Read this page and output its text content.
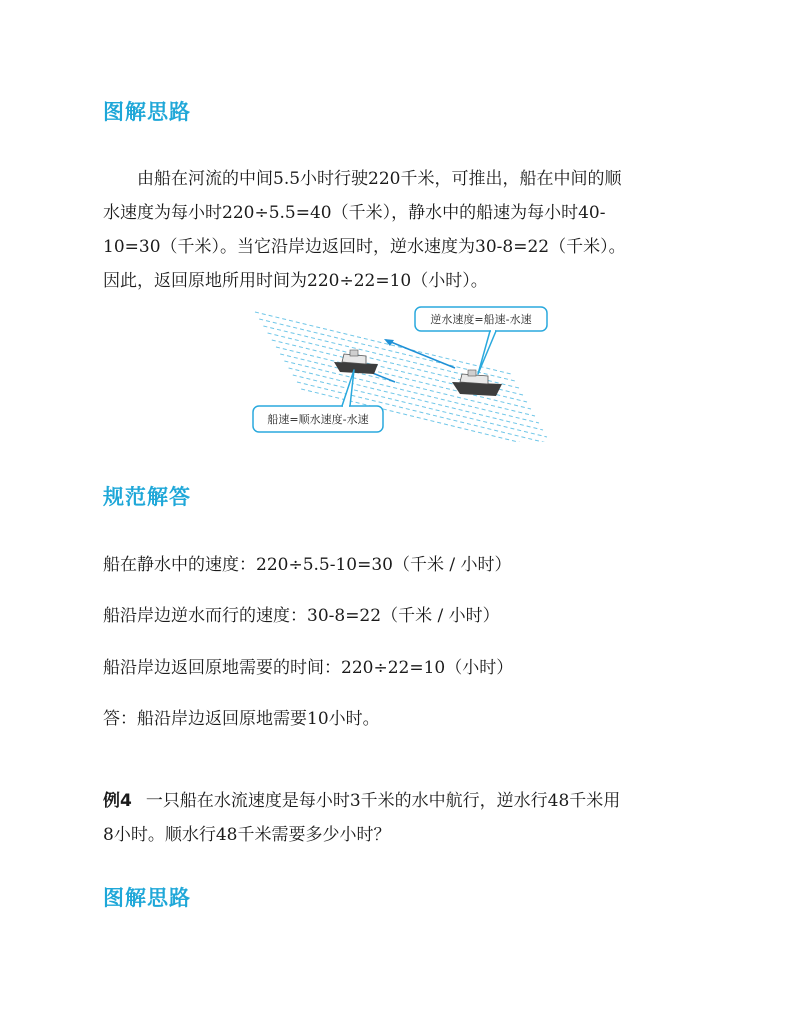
图解思路
由船在河流的中间5.5小时行驶220千米，可推出，船在中间的顺
水速度为每小时220÷5.5=40（千米），静水中的船速为每小时40-
10=30（千米）。当它沿岸边返回时，逆水速度为30-8=22（千米）。
因此，返回原地所用时间为220÷22=10（小时）。
逆水速度=船速-水速
船速=顺水速度-水速
规范解答
船在静水中的速度：220÷5.5-10=30（千米 / 小时）
船沿岸边逆水而行的速度：30-8=22（千米 / 小时）
船沿岸边返回原地需要的时间：220÷22=10（小时）
答：船沿岸边返回原地需要10小时。
例4 一只船在水流速度是每小时3千米的水中航行，逆水行48千米用
8小时。顺水行48千米需要多少小时？
图解思路
